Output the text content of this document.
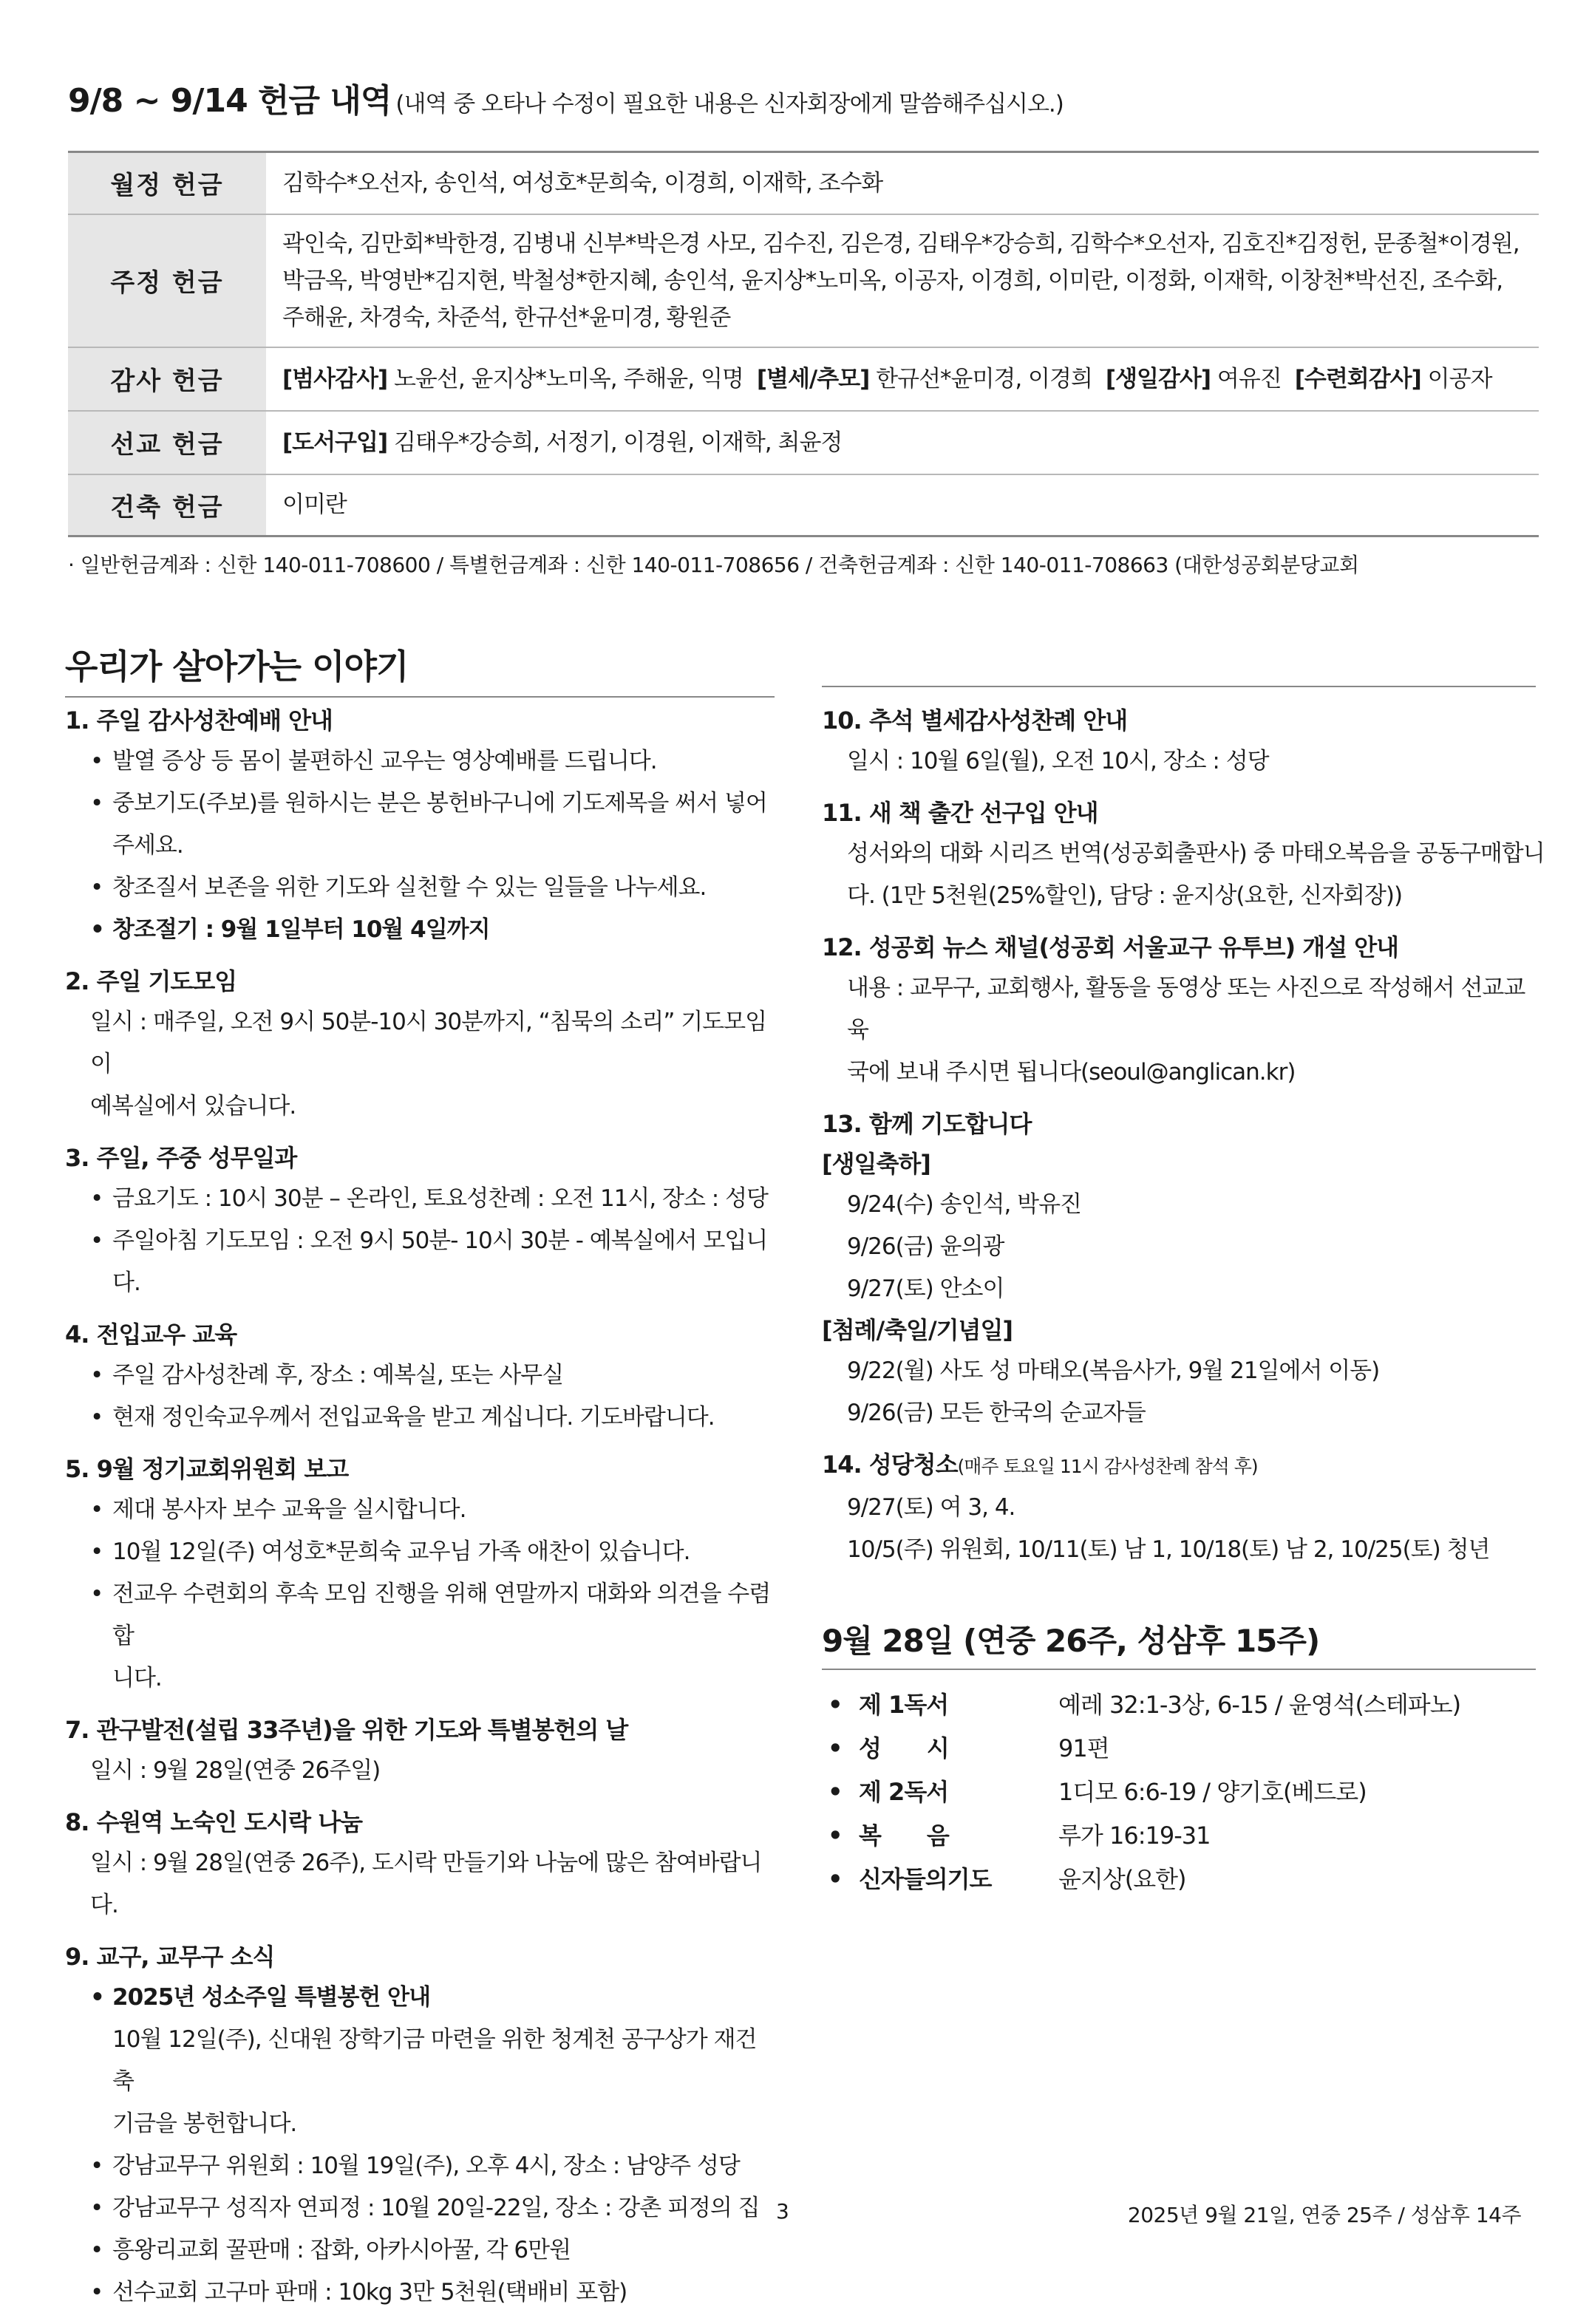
9/8 ~ 9/14 헌금 내역 (내역 중 오타나 수정이 필요한 내용은 신자회장에게 말씀해주십시오.)
월정 헌금	김학수*오선자, 송인석, 여성호*문희숙, 이경희, 이재학, 조수화
주정 헌금	곽인숙, 김만회*박한경, 김병내 신부*박은경 사모, 김수진, 김은경, 김태우*강승희, 김학수*오선자, 김호진*김정헌, 문종철*이경원, 박금옥, 박영반*김지현, 박철성*한지혜, 송인석, 윤지상*노미옥, 이공자, 이경희, 이미란, 이정화, 이재학, 이창천*박선진, 조수화, 주해윤, 차경숙, 차준석, 한규선*윤미경, 황원준
감사 헌금	[범사감사] 노윤선, 윤지상*노미옥, 주해윤, 익명 [별세/추모] 한규선*윤미경, 이경희 [생일감사] 여유진 [수련회감사] 이공자
선교 헌금	[도서구입] 김태우*강승희, 서정기, 이경원, 이재학, 최윤정
건축 헌금	이미란
· 일반헌금계좌 : 신한 140-011-708600 / 특별헌금계좌 : 신한 140-011-708656 / 건축헌금계좌 : 신한 140-011-708663 (대한성공회분당교회
우리가 살아가는 이야기
1. 주일 감사성찬예배 안내
• 발열 증상 등 몸이 불편하신 교우는 영상예배를 드립니다.
• 중보기도(주보)를 원하시는 분은 봉헌바구니에 기도제목을 써서 넣어
주세요.
• 창조질서 보존을 위한 기도와 실천할 수 있는 일들을 나누세요.
• 창조절기 : 9월 1일부터 10월 4일까지
2. 주일 기도모임
일시 : 매주일, 오전 9시 50분-10시 30분까지, “침묵의 소리” 기도모임이
예복실에서 있습니다.
3. 주일, 주중 성무일과
• 금요기도 : 10시 30분 – 온라인, 토요성찬례 : 오전 11시, 장소 : 성당
• 주일아침 기도모임 : 오전 9시 50분- 10시 30분 - 예복실에서 모입니다.
4. 전입교우 교육
• 주일 감사성찬례 후, 장소 : 예복실, 또는 사무실
• 현재 정인숙교우께서 전입교육을 받고 계십니다. 기도바랍니다.
5. 9월 정기교회위원회 보고
• 제대 봉사자 보수 교육을 실시합니다.
• 10월 12일(주) 여성호*문희숙 교우님 가족 애찬이 있습니다.
• 전교우 수련회의 후속 모임 진행을 위해 연말까지 대화와 의견을 수렴합
니다.
7. 관구발전(설립 33주년)을 위한 기도와 특별봉헌의 날
일시 : 9월 28일(연중 26주일)
8. 수원역 노숙인 도시락 나눔
일시 : 9월 28일(연중 26주), 도시락 만들기와 나눔에 많은 참여바랍니다.
9. 교구, 교무구 소식
• 2025년 성소주일 특별봉헌 안내
10월 12일(주), 신대원 장학기금 마련을 위한 청계천 공구상가 재건축
기금을 봉헌합니다.
• 강남교무구 위원회 : 10월 19일(주), 오후 4시, 장소 : 남양주 성당
• 강남교무구 성직자 연피정 : 10월 20일-22일, 장소 : 강촌 피정의 집
• 흥왕리교회 꿀판매 : 잡화, 아카시아꿀, 각 6만원
• 선수교회 고구마 판매 : 10kg 3만 5천원(택배비 포함)
10. 추석 별세감사성찬례 안내
일시 : 10월 6일(월), 오전 10시, 장소 : 성당
11. 새 책 출간 선구입 안내
성서와의 대화 시리즈 번역(성공회출판사) 중 마태오복음을 공동구매합니
다. (1만 5천원(25%할인), 담당 : 윤지상(요한, 신자회장))
12. 성공회 뉴스 채널(성공회 서울교구 유투브) 개설 안내
내용 : 교무구, 교회행사, 활동을 동영상 또는 사진으로 작성해서 선교교육
국에 보내 주시면 됩니다(seoul@anglican.kr)
13. 함께 기도합니다
[생일축하]
9/24(수) 송인석, 박유진
9/26(금) 윤의광
9/27(토) 안소이
[첨례/축일/기념일]
9/22(월) 사도 성 마태오(복음사가, 9월 21일에서 이동)
9/26(금) 모든 한국의 순교자들
14. 성당청소(매주 토요일 11시 감사성찬례 참석 후)
9/27(토) 여 3, 4.
10/5(주) 위원회, 10/11(토) 남 1, 10/18(토) 남 2, 10/25(토) 청년
9월 28일 (연중 26주, 성삼후 15주)
• 제 1독서	예레 32:1-3상, 6-15 / 윤영석(스테파노)
• 성　　시	91편
• 제 2독서	1디모 6:6-19 / 양기호(베드로)
• 복　　음	루가 16:19-31
• 신자들의기도	윤지상(요한)
3	2025년 9월 21일, 연중 25주 / 성삼후 14주
